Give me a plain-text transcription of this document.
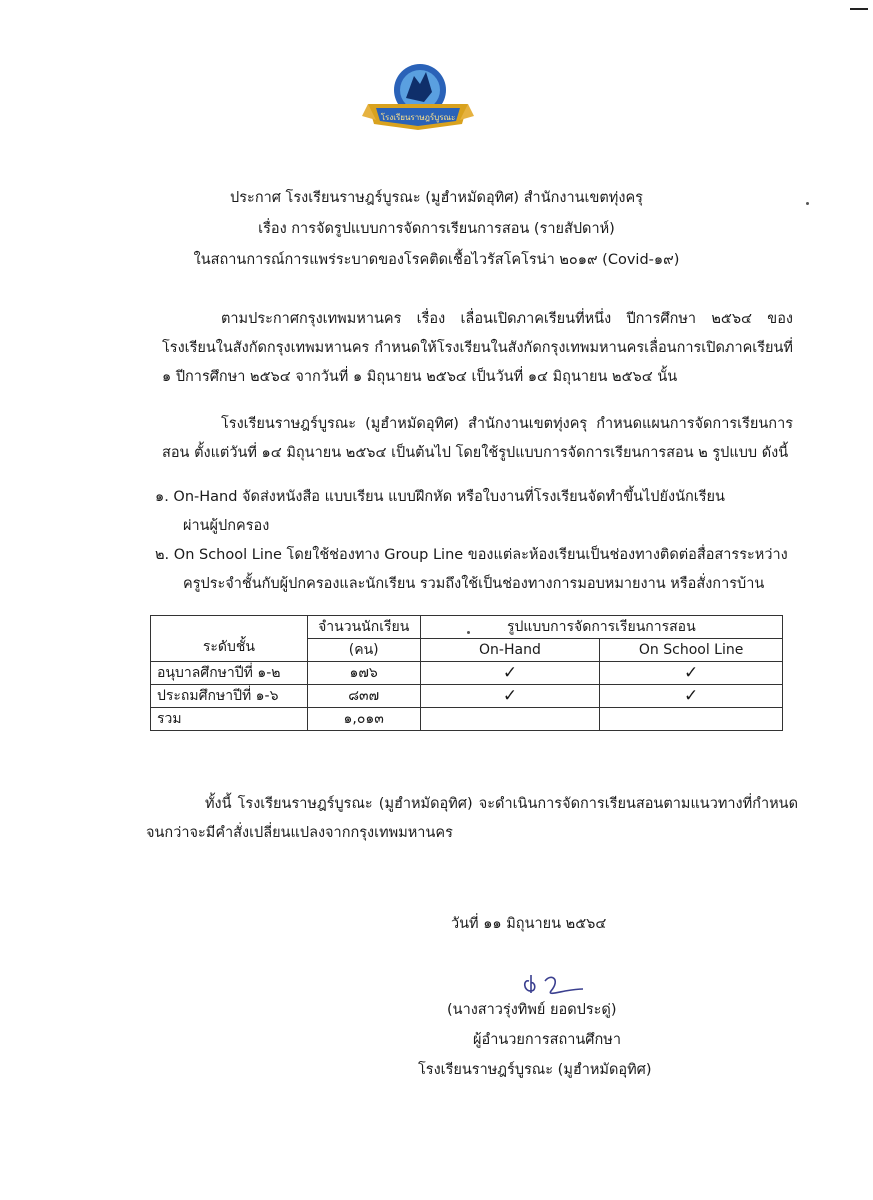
โรงเรียนราษฎร์บูรณะ
ประกาศ โรงเรียนราษฎร์บูรณะ (มูฮำหมัดอุทิศ) สำนักงานเขตทุ่งครุ
เรื่อง การจัดรูปแบบการจัดการเรียนการสอน (รายสัปดาห์)
ในสถานการณ์การแพร่ระบาดของโรคติดเชื้อไวรัสโคโรน่า ๒๐๑๙ (Covid-๑๙)
ตามประกาศกรุงเทพมหานคร เรื่อง เลื่อนเปิดภาคเรียนที่หนึ่ง ปีการศึกษา ๒๕๖๔ ของโรงเรียนในสังกัดกรุงเทพมหานคร กำหนดให้โรงเรียนในสังกัดกรุงเทพมหานครเลื่อนการเปิดภาคเรียนที่ ๑ ปีการศึกษา ๒๕๖๔ จากวันที่ ๑ มิถุนายน ๒๕๖๔ เป็นวันที่ ๑๔ มิถุนายน ๒๕๖๔ นั้น
โรงเรียนราษฎร์บูรณะ (มูฮำหมัดอุทิศ) สำนักงานเขตทุ่งครุ กำหนดแผนการจัดการเรียนการสอน ตั้งแต่วันที่ ๑๔ มิถุนายน ๒๕๖๔ เป็นต้นไป โดยใช้รูปแบบการจัดการเรียนการสอน ๒ รูปแบบ ดังนี้
๑. On-Hand จัดส่งหนังสือ แบบเรียน แบบฝึกหัด หรือใบงานที่โรงเรียนจัดทำขึ้นไปยังนักเรียน
ผ่านผู้ปกครอง
๒. On School Line โดยใช้ช่องทาง Group Line ของแต่ละห้องเรียนเป็นช่องทางติดต่อสื่อสารระหว่าง
ครูประจำชั้นกับผู้ปกครองและนักเรียน รวมถึงใช้เป็นช่องทางการมอบหมายงาน หรือสั่งการบ้าน
ระดับชั้น	จำนวนนักเรียน	รูปแบบการจัดการเรียนการสอน	
	(คน)	On-Hand	On School Line
อนุบาลศึกษาปีที่ ๑-๒	๑๗๖	✓	✓
ประถมศึกษาปีที่ ๑-๖	๘๓๗	✓	✓
รวม	๑,๐๑๓		
ทั้งนี้ โรงเรียนราษฎร์บูรณะ (มูฮำหมัดอุทิศ) จะดำเนินการจัดการเรียนสอนตามแนวทางที่กำหนด จนกว่าจะมีคำสั่งเปลี่ยนแปลงจากกรุงเทพมหานคร
วันที่ ๑๑ มิถุนายน ๒๕๖๔
(นางสาวรุ่งทิพย์ ยอดประดู่)
ผู้อำนวยการสถานศึกษา
โรงเรียนราษฎร์บูรณะ (มูฮำหมัดอุทิศ)
